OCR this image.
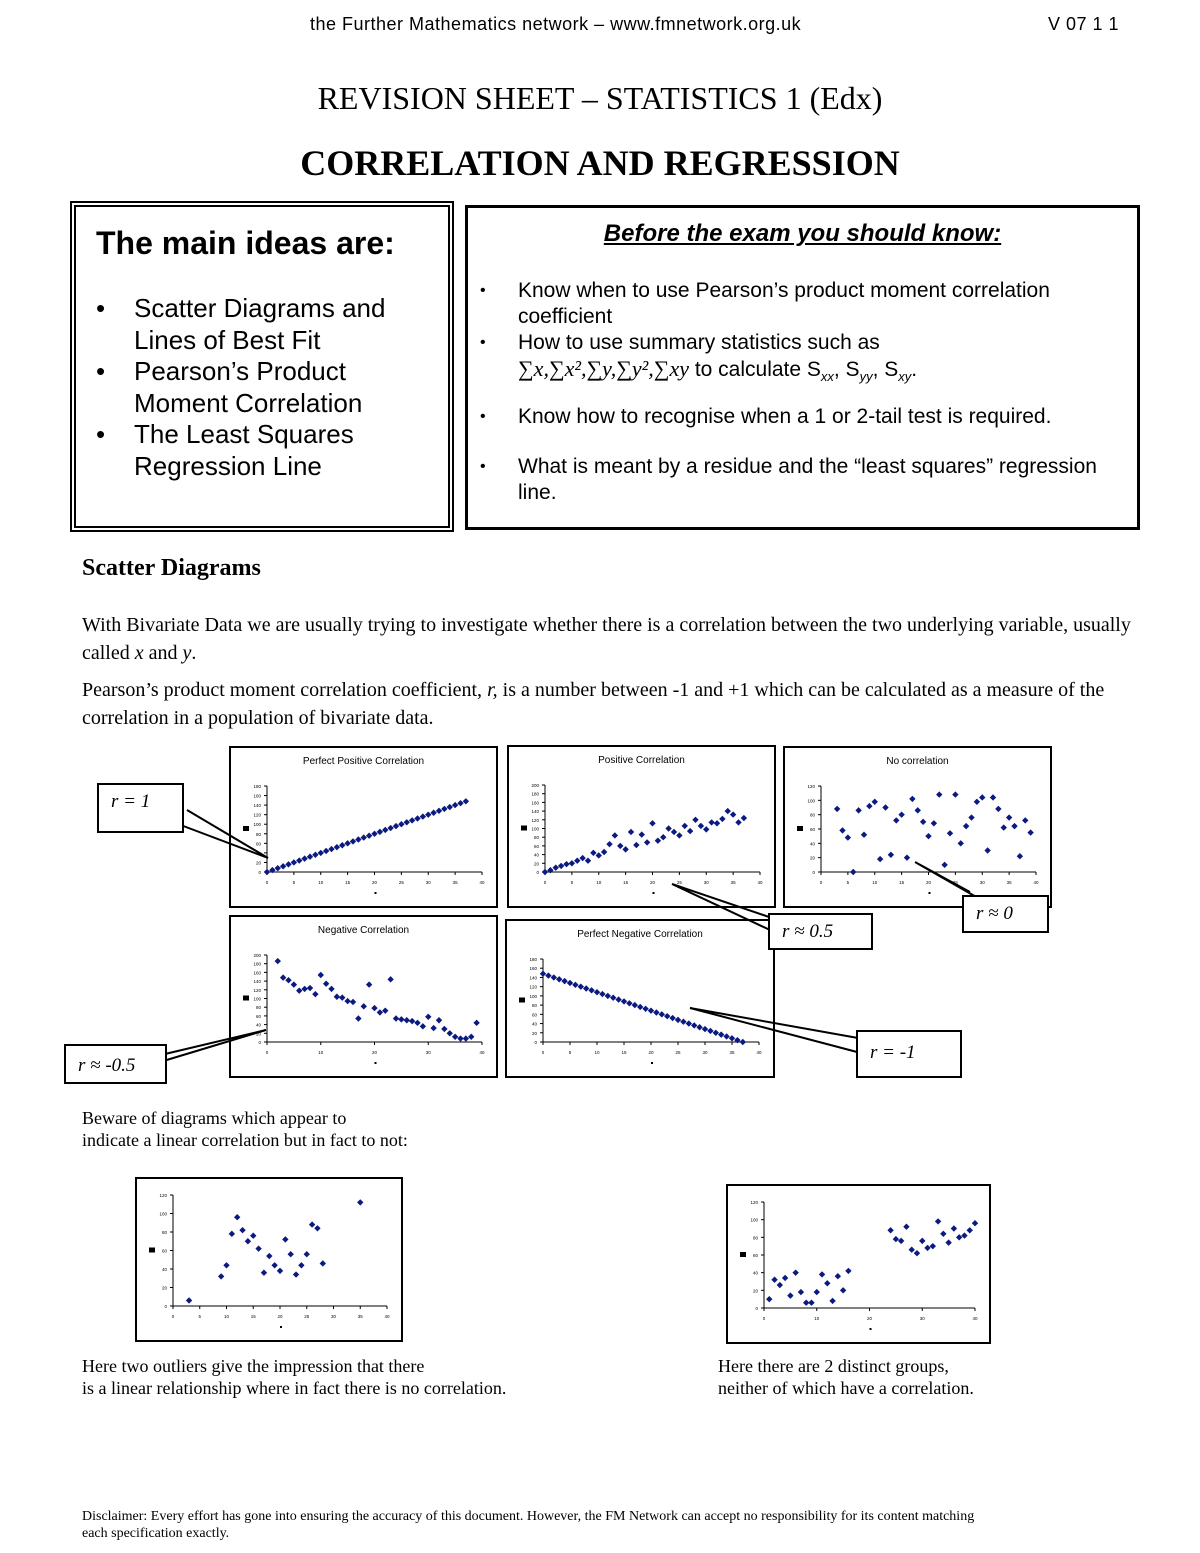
the Further Mathematics network – www.fmnetwork.org.uk	V 07 1 1
REVISION SHEET – STATISTICS 1 (Edx)
CORRELATION AND REGRESSION
The main ideas are:
• Scatter Diagrams and
Lines of Best Fit
• Pearson’s Product
Moment Correlation
• The Least Squares
Regression Line
Before the exam you should know:
• Know when to use Pearson’s product moment correlation coefficient
• How to use summary statistics such as
∑x,∑x²,∑y,∑y²,∑xy to calculate $S_{xx}$, $S_{yy}$, $S_{xy}$.
• Know how to recognise when a 1 or 2-tail test is required.
• What is meant by a residue and the “least squares” regression line.
Scatter Diagrams
With Bivariate Data we are usually trying to investigate whether there is a correlation between the two underlying variable, usually called x and y.
Pearson’s product moment correlation coefficient, r, is a number between -1 and +1 which can be calculated as a measure of the correlation in a population of bivariate data.
Perfect Positive Correlation
0
20
40
60
80
100
120
140
160
180
0	5	10	15	20	25	30	35	40
Positive Correlation
0
20
40
60
80
100
120
140
160
180
200
0	5	10	15	20	25	30	35	40
No correlation
0
20
40
60
80
100
120
0	5	10	15	20	25	30	35	40
Negative Correlation
0
20
40
60
80
100
120
140
160
180
200
0	10	20	30	40
Perfect Negative Correlation
0
20
40
60
80
100
120
140
160
180
0	5	10	15	20	25	30	35	40
0
20
40
60
80
100
120
0	5	10	15	20	25	30	35	40
0
20
40
60
80
100
120
0	10	20	30	40
r = 1
r ≈ 0.5
r ≈ 0
r ≈ -0.5
r = -1
Beware of diagrams which appear to
indicate a linear correlation but in fact to not:
Here two outliers give the impression that there
is a linear relationship where in fact there is no correlation.
Here there are 2 distinct groups,
neither of which have a correlation.
Disclaimer: Every effort has gone into ensuring the accuracy of this document. However, the FM Network can accept no responsibility for its content matching
each specification exactly.
